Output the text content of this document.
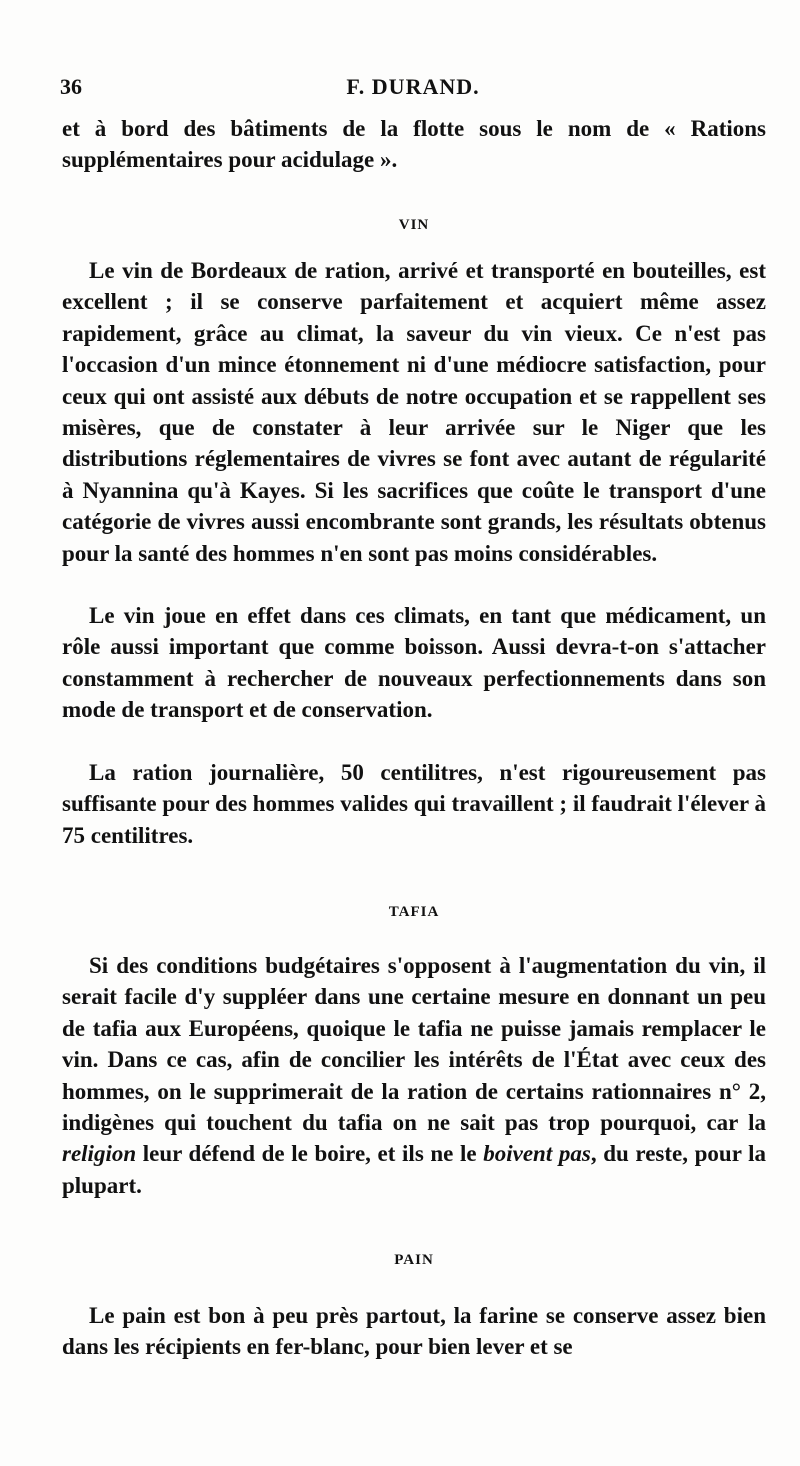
36	F. DURAND.

et à bord des bâtiments de la flotte sous le nom de « Rations supplémentaires pour acidulage ».

VIN

Le vin de Bordeaux de ration, arrivé et transporté en bouteilles, est excellent ; il se conserve parfaitement et acquiert même assez rapidement, grâce au climat, la saveur du vin vieux. Ce n'est pas l'occasion d'un mince étonnement ni d'une médiocre satisfaction, pour ceux qui ont assisté aux débuts de notre occupation et se rappellent ses misères, que de constater à leur arrivée sur le Niger que les distributions réglementaires de vivres se font avec autant de régularité à Nyannina qu'à Kayes. Si les sacrifices que coûte le transport d'une catégorie de vivres aussi encombrante sont grands, les résultats obtenus pour la santé des hommes n'en sont pas moins considérables.

Le vin joue en effet dans ces climats, en tant que médicament, un rôle aussi important que comme boisson. Aussi devra-t-on s'attacher constamment à rechercher de nouveaux perfectionnements dans son mode de transport et de conservation.

La ration journalière, 50 centilitres, n'est rigoureusement pas suffisante pour des hommes valides qui travaillent ; il faudrait l'élever à 75 centilitres.

TAFIA

Si des conditions budgétaires s'opposent à l'augmentation du vin, il serait facile d'y suppléer dans une certaine mesure en donnant un peu de tafia aux Européens, quoique le tafia ne puisse jamais remplacer le vin. Dans ce cas, afin de concilier les intérêts de l'État avec ceux des hommes, on le supprimerait de la ration de certains rationnaires n° 2, indigènes qui touchent du tafia on ne sait pas trop pourquoi, car la religion leur défend de le boire, et ils ne le boivent pas, du reste, pour la plupart.

PAIN

Le pain est bon à peu près partout, la farine se conserve assez bien dans les récipients en fer-blanc, pour bien lever et se
